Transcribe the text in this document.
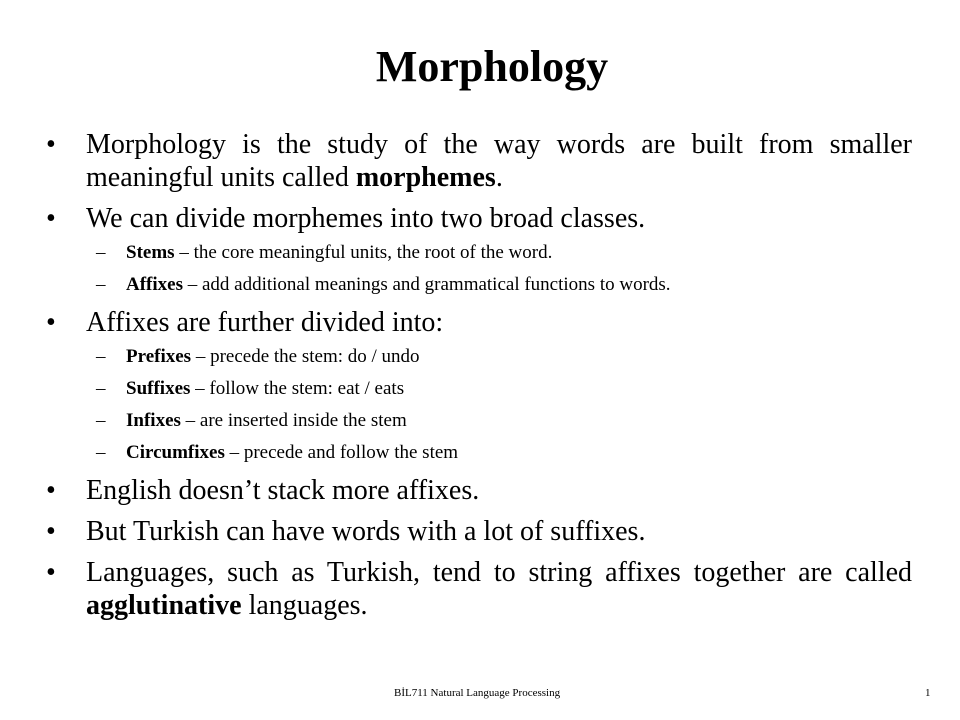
Morphology
• Morphology is the study of the way words are built from smaller meaningful units called morphemes.
• We can divide morphemes into two broad classes.
– Stems – the core meaningful units, the root of the word.
– Affixes – add additional meanings and grammatical functions to words.
• Affixes are further divided into:
– Prefixes – precede the stem: do / undo
– Suffixes – follow the stem: eat / eats
– Infixes – are inserted inside the stem
– Circumfixes – precede and follow the stem
• English doesn’t stack more affixes.
• But Turkish can have words with a lot of suffixes.
• Languages, such as Turkish, tend to string affixes together are called agglutinative languages.
BİL711 Natural Language Processing	1
